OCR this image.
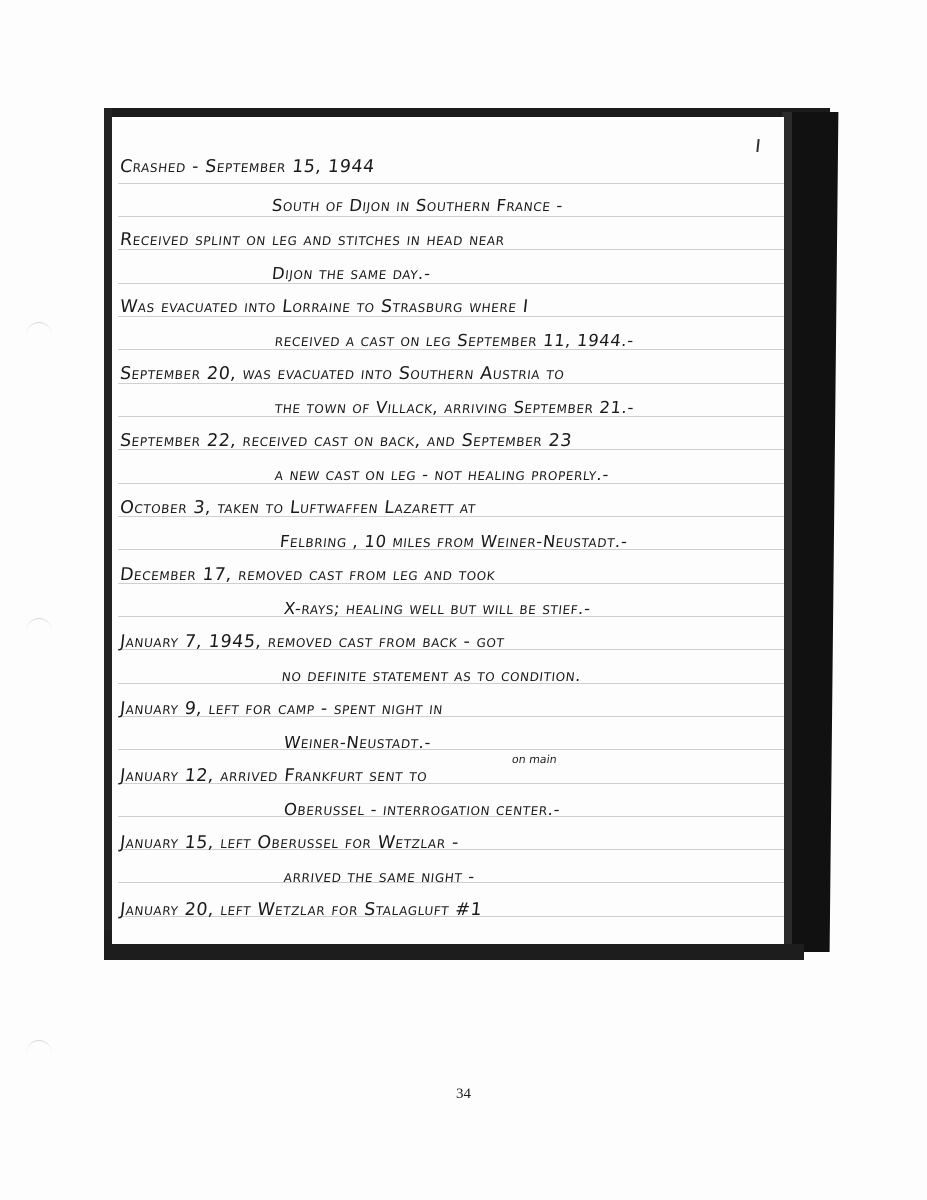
Crashed - September 15, 1944
South of Dijon in Southern France -
Received splint on leg and stitches in head near
Dijon the same day.-
Was evacuated into Lorraine to Strasburg where I
received a cast on leg September 11, 1944.-
September 20, was evacuated into Southern Austria to
the town of Villack, arriving September 21.-
September 22, received cast on back, and September 23
a new cast on leg - not healing properly.-
October 3, taken to Luftwaffen Lazarett at
Felbring , 10 miles from Weiner-Neustadt.-
December 17, removed cast from leg and took
X-rays; healing well but will be stief.-
January 7, 1945, removed cast from back - got
no definite statement as to condition.
January 9, left for camp - spent night in
Weiner-Neustadt.-
on main
January 12, arrived Frankfurt sent to
Oberussel - interrogation center.-
January 15, left Oberussel for Wetzlar -
arrived the same night -
January 20, left Wetzlar for Stalagluft #1
34
